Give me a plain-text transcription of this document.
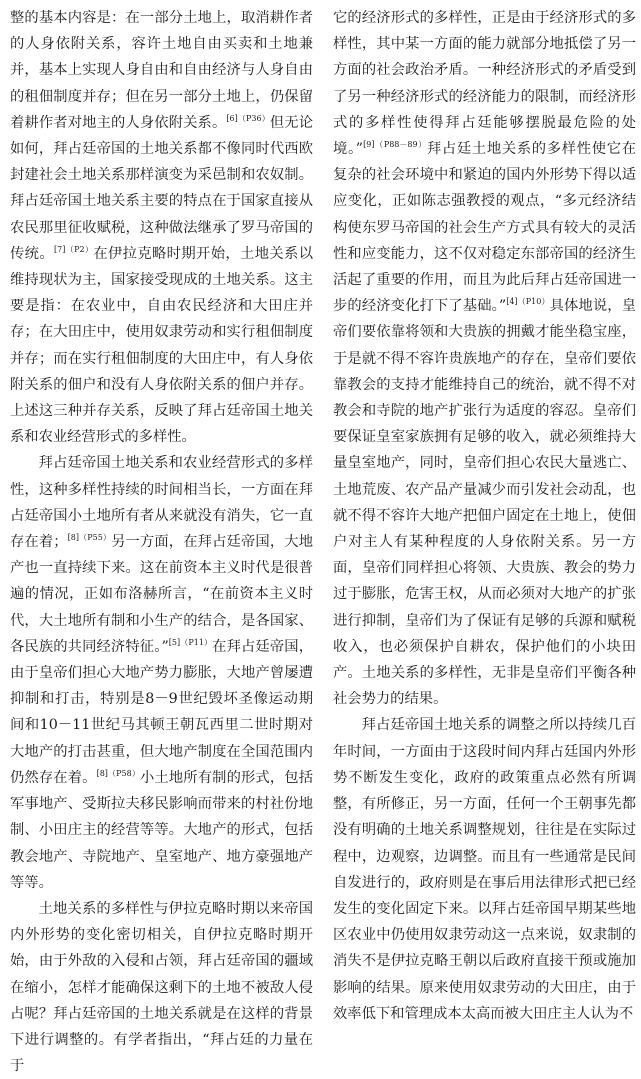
整的基本内容是：在一部分土地上，取消耕作者的人身依附关系，容许土地自由买卖和土地兼并，基本上实现人身自由和自由经济与人身自由的租佃制度并存；但在另一部分土地上，仍保留着耕作者对地主的人身依附关系。$^{[6](P36)}$但无论如何，拜占廷帝国的土地关系都不像同时代西欧封建社会土地关系那样演变为采邑制和农奴制。拜占廷帝国土地关系主要的特点在于国家直接从农民那里征收赋税，这种做法继承了罗马帝国的传统。$^{[7](P2)}$在伊拉克略时期开始，土地关系以维持现状为主，国家接受现成的土地关系。这主要是指：在农业中，自由农民经济和大田庄并存；在大田庄中，使用奴隶劳动和实行租佃制度并存；而在实行租佃制度的大田庄中，有人身依附关系的佃户和没有人身依附关系的佃户并存。上述这三种并存关系，反映了拜占廷帝国土地关系和农业经营形式的多样性。

拜占廷帝国土地关系和农业经营形式的多样性，这种多样性持续的时间相当长，一方面在拜占廷帝国小土地所有者从来就没有消失，它一直存在着；$^{[8](P55)}$另一方面，在拜占廷帝国，大地产也一直持续下来。这在前资本主义时代是很普遍的情况，正如布洛赫所言，“在前资本主义时代，大土地所有制和小生产的结合，是各国家、各民族的共同经济特征。”$^{[5](P11)}$在拜占廷帝国，由于皇帝们担心大地产势力膨胀，大地产曾屡遭抑制和打击，特别是8－9世纪毁坏圣像运动期间和10－11世纪马其顿王朝瓦西里二世时期对大地产的打击甚重，但大地产制度在全国范围内仍然存在着。$^{[8](P58)}$小土地所有制的形式，包括军事地产、受斯拉夫移民影响而带来的村社份地制、小田庄主的经营等等。大地产的形式，包括教会地产、寺院地产、皇室地产、地方豪强地产等等。

土地关系的多样性与伊拉克略时期以来帝国内外形势的变化密切相关，自伊拉克略时期开始，由于外敌的入侵和占领，拜占廷帝国的疆域在缩小，怎样才能确保这剩下的土地不被敌人侵占呢？拜占廷帝国的土地关系就是在这样的背景下进行调整的。有学者指出，“拜占廷的力量在于

它的经济形式的多样性，正是由于经济形式的多样性，其中某一方面的能力就部分地抵偿了另一方面的社会政治矛盾。一种经济形式的矛盾受到了另一种经济形式的经济能力的限制，而经济形式的多样性使得拜占廷能够摆脱最危险的处境。”$^{[9](P88-89)}$拜占廷土地关系的多样性使它在复杂的社会环境中和紧迫的国内外形势下得以适应变化，正如陈志强教授的观点，“多元经济结构使东罗马帝国的社会生产方式具有较大的灵活性和应变能力，这不仅对稳定东部帝国的经济生活起了重要的作用，而且为此后拜占廷帝国进一步的经济变化打下了基础。”$^{[4](P10)}$具体地说，皇帝们要依靠将领和大贵族的拥戴才能坐稳宝座，于是就不得不容许贵族地产的存在，皇帝们要依靠教会的支持才能维持自己的统治，就不得不对教会和寺院的地产扩张行为适度的容忍。皇帝们要保证皇室家族拥有足够的收入，就必须维持大量皇室地产，同时，皇帝们担心农民大量逃亡、土地荒废、农产品产量减少而引发社会动乱，也就不得不容许大地产把佃户固定在土地上，使佃户对主人有某种程度的人身依附关系。另一方面，皇帝们同样担心将领、大贵族、教会的势力过于膨胀，危害王权，从而必须对大地产的扩张进行抑制，皇帝们为了保证有足够的兵源和赋税收入，也必须保护自耕农，保护他们的小块田产。土地关系的多样性，无非是皇帝们平衡各种社会势力的结果。

拜占廷帝国土地关系的调整之所以持续几百年时间，一方面由于这段时间内拜占廷国内外形势不断发生变化，政府的政策重点必然有所调整，有所修正，另一方面，任何一个王朝事先都没有明确的土地关系调整规划，往往是在实际过程中，边观察，边调整。而且有一些通常是民间自发进行的，政府则是在事后用法律形式把已经发生的变化固定下来。以拜占廷帝国早期某些地区农业中仍使用奴隶劳动这一点来说，奴隶制的消失不是伊拉克略王朝以后政府直接干预或施加影响的结果。原来使用奴隶劳动的大田庄，由于效率低下和管理成本太高而被大田庄主人认为不
